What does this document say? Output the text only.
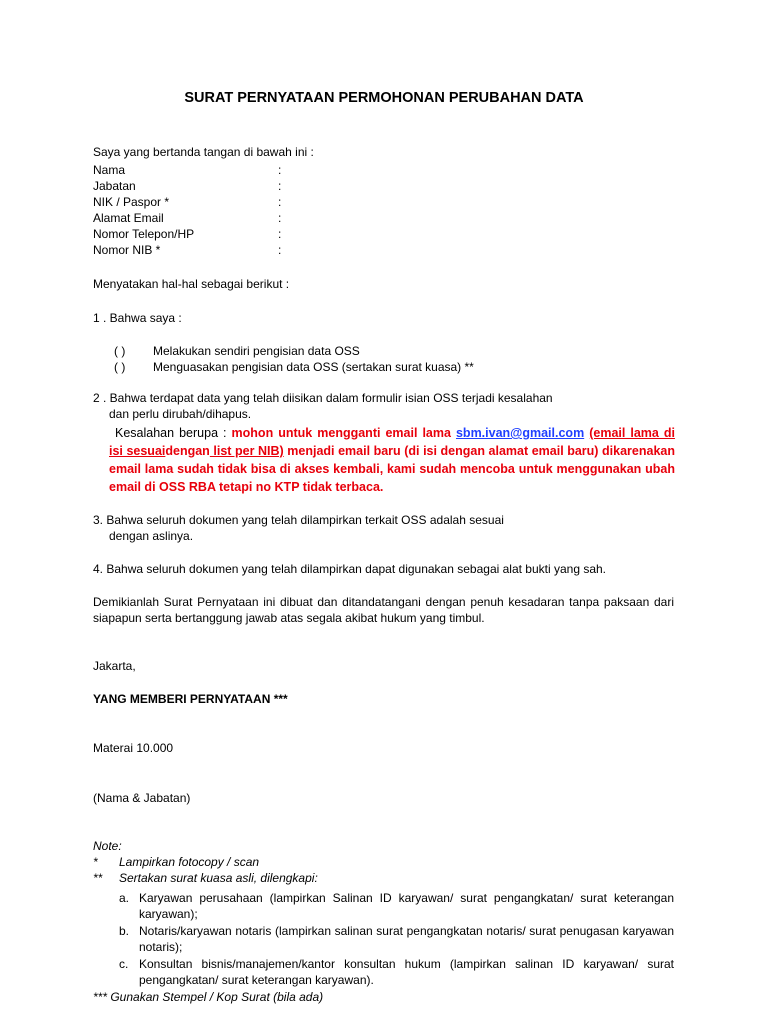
SURAT PERNYATAAN PERMOHONAN PERUBAHAN DATA
Saya yang bertanda tangan di bawah ini :
Nama	:
Jabatan	:
NIK / Paspor *	:
Alamat Email	:
Nomor Telepon/HP	:
Nomor NIB *	:
Menyatakan hal-hal sebagai berikut :
1 . Bahwa saya :
( ) Melakukan sendiri pengisian data OSS
( ) Menguasakan pengisian data OSS (sertakan surat kuasa) **
2 . Bahwa terdapat data yang telah diisikan dalam formulir isian OSS terjadi kesalahan
dan perlu dirubah/dihapus.
Kesalahan berupa : mohon untuk mengganti email lama sbm.ivan@gmail.com (email lama di isi sesuaidengan list per NIB) menjadi email baru (di isi dengan alamat email baru) dikarenakan email lama sudah tidak bisa di akses kembali, kami sudah mencoba untuk menggunakan ubah email di OSS RBA tetapi no KTP tidak terbaca.
3. Bahwa seluruh dokumen yang telah dilampirkan terkait OSS adalah sesuai
dengan aslinya.
4. Bahwa seluruh dokumen yang telah dilampirkan dapat digunakan sebagai alat bukti yang sah.
Demikianlah Surat Pernyataan ini dibuat dan ditandatangani dengan penuh kesadaran tanpa paksaan dari siapapun serta bertanggung jawab atas segala akibat hukum yang timbul.
Jakarta,
YANG MEMBERI PERNYATAAN ***
Materai 10.000
(Nama & Jabatan)
Note:
* Lampirkan fotocopy / scan
** Sertakan surat kuasa asli, dilengkapi:
a. Karyawan perusahaan (lampirkan Salinan ID karyawan/ surat pengangkatan/ surat keterangan karyawan);
b. Notaris/karyawan notaris (lampirkan salinan surat pengangkatan notaris/ surat penugasan karyawan notaris);
c. Konsultan bisnis/manajemen/kantor konsultan hukum (lampirkan salinan ID karyawan/ surat pengangkatan/ surat keterangan karyawan).
*** Gunakan Stempel / Kop Surat (bila ada)
